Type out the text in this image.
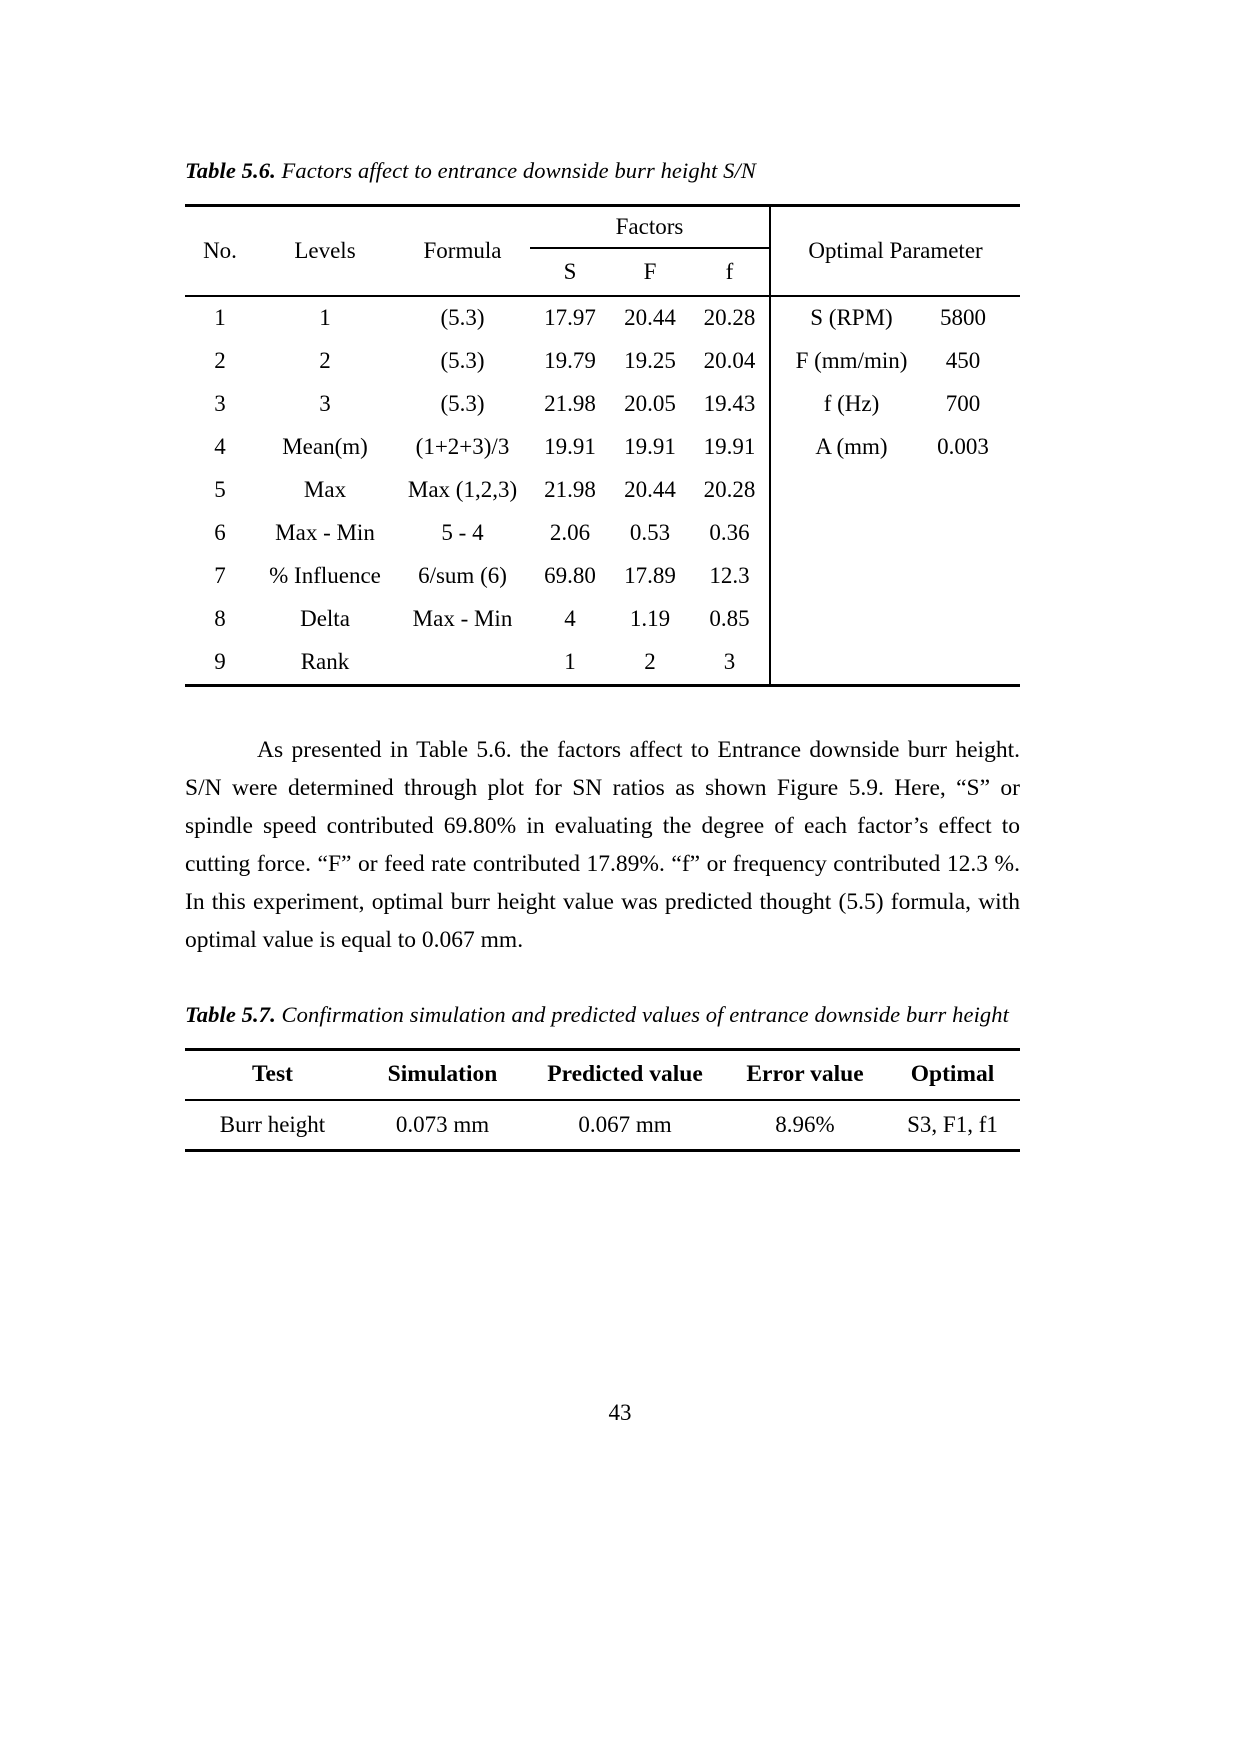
Table 5.6. Factors affect to entrance downside burr height S/N

No.	Levels	Formula	Factors			Optimal Parameter	
			S	F	f		
1	1	(5.3)	17.97	20.44	20.28	S (RPM)	5800
2	2	(5.3)	19.79	19.25	20.04	F (mm/min)	450
3	3	(5.3)	21.98	20.05	19.43	f (Hz)	700
4	Mean(m)	(1+2+3)/3	19.91	19.91	19.91	A (mm)	0.003
5	Max	Max (1,2,3)	21.98	20.44	20.28		
6	Max - Min	5 - 4	2.06	0.53	0.36		
7	% Influence	6/sum (6)	69.80	17.89	12.3		
8	Delta	Max - Min	4	1.19	0.85		
9	Rank		1	2	3		

As presented in Table 5.6. the factors affect to Entrance downside burr height. S/N were determined through plot for SN ratios as shown Figure 5.9. Here, “S” or spindle speed contributed 69.80% in evaluating the degree of each factor’s effect to cutting force. “F” or feed rate contributed 17.89%. “f” or frequency contributed 12.3 %. In this experiment, optimal burr height value was predicted thought (5.5) formula, with optimal value is equal to 0.067 mm.

Table 5.7. Confirmation simulation and predicted values of entrance downside burr height

Test	Simulation	Predicted value	Error value	Optimal
Burr height	0.073 mm	0.067 mm	8.96%	S3, F1, f1

43
